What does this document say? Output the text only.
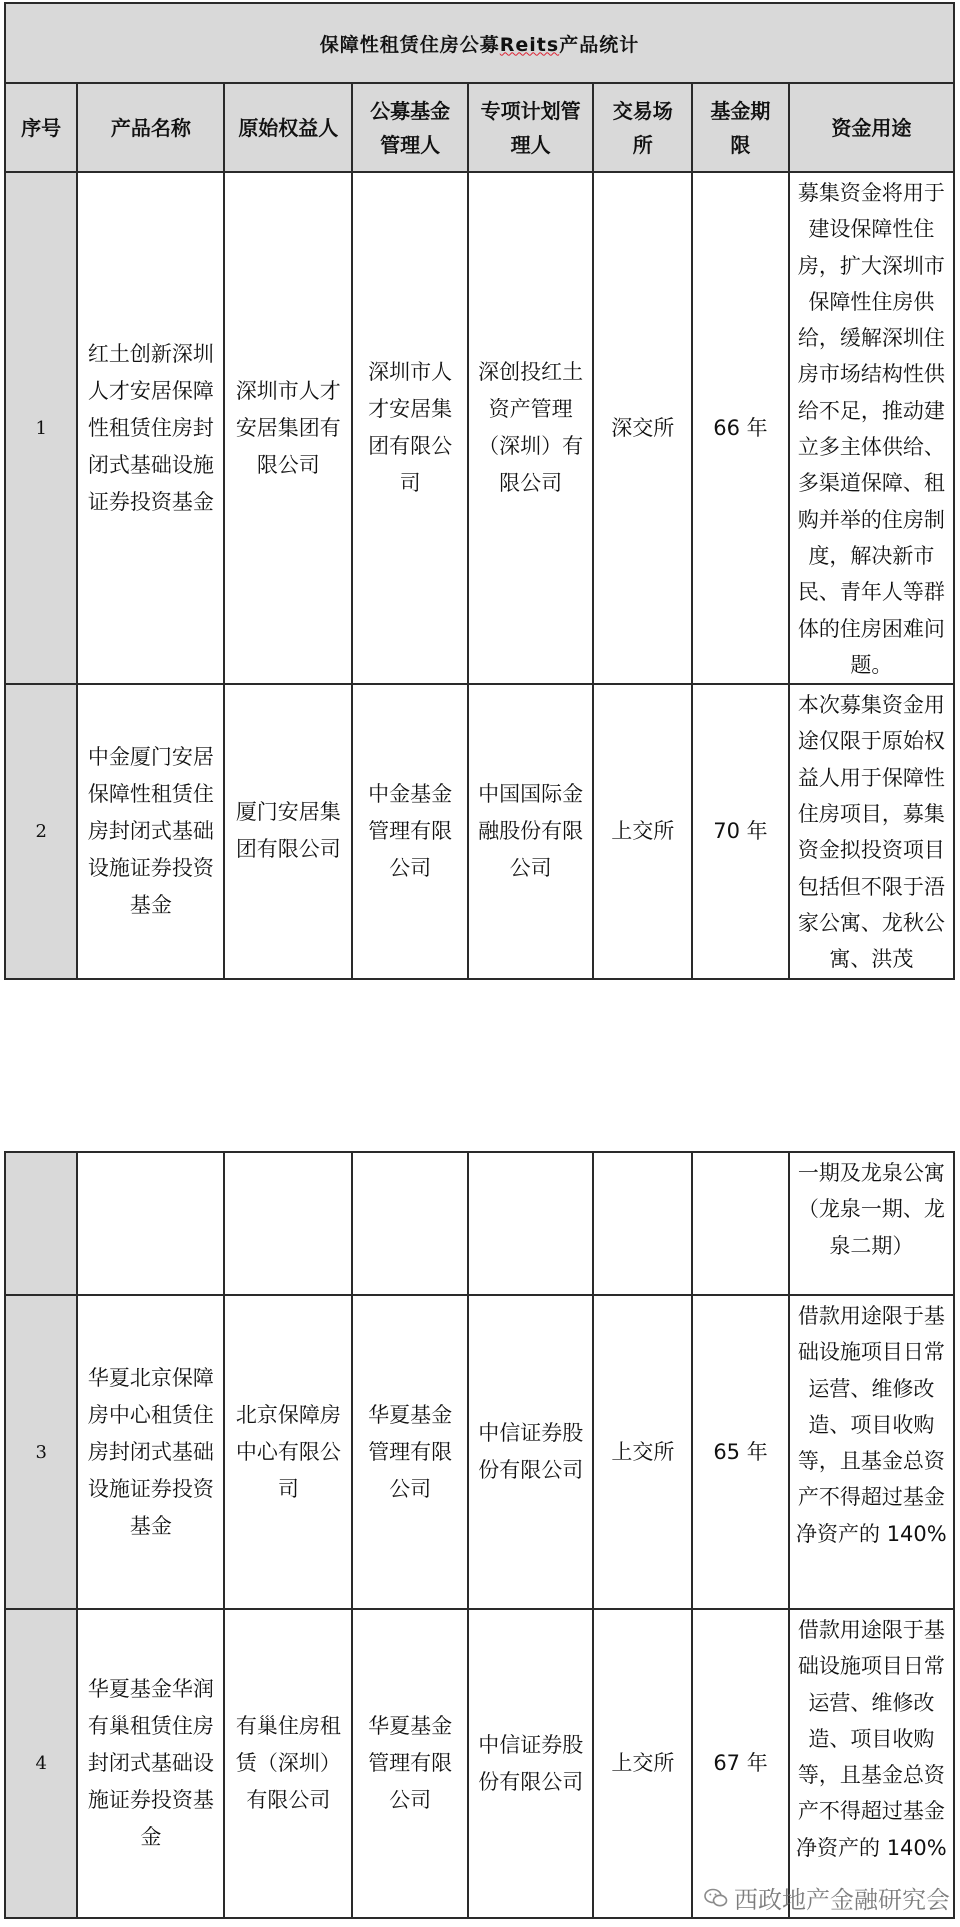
保障性租赁住房公募Reits产品统计							
序号	产品名称	原始权益人	公募基金管理人	专项计划管理人	交易场所	基金期限	资金用途
1	红土创新深圳人才安居保障性租赁住房封闭式基础设施证券投资基金	深圳市人才安居集团有限公司	深圳市人才安居集团有限公司	深创投红土资产管理（深圳）有限公司	深交所	66 年	募集资金将用于建设保障性住房，扩大深圳市保障性住房供给，缓解深圳住房市场结构性供给不足，推动建立多主体供给、多渠道保障、租购并举的住房制度，解决新市民、青年人等群体的住房困难问题。
2	中金厦门安居保障性租赁住房封闭式基础设施证券投资基金	厦门安居集团有限公司	中金基金管理有限公司	中国国际金融股份有限公司	上交所	70 年	本次募集资金用途仅限于原始权益人用于保障性住房项目，募集资金拟投资项目包括但不限于浯家公寓、龙秋公寓、洪茂
							一期及龙泉公寓（龙泉一期、龙泉二期）
3	华夏北京保障房中心租赁住房封闭式基础设施证券投资基金	北京保障房中心有限公司	华夏基金管理有限公司	中信证券股份有限公司	上交所	65 年	借款用途限于基础设施项目日常运营、维修改造、项目收购等，且基金总资产不得超过基金净资产的 140%
4	华夏基金华润有巢租赁住房封闭式基础设施证券投资基金	有巢住房租赁（深圳）有限公司	华夏基金管理有限公司	中信证券股份有限公司	上交所	67 年	借款用途限于基础设施项目日常运营、维修改造、项目收购等，且基金总资产不得超过基金净资产的 140%
西政地产金融研究会
